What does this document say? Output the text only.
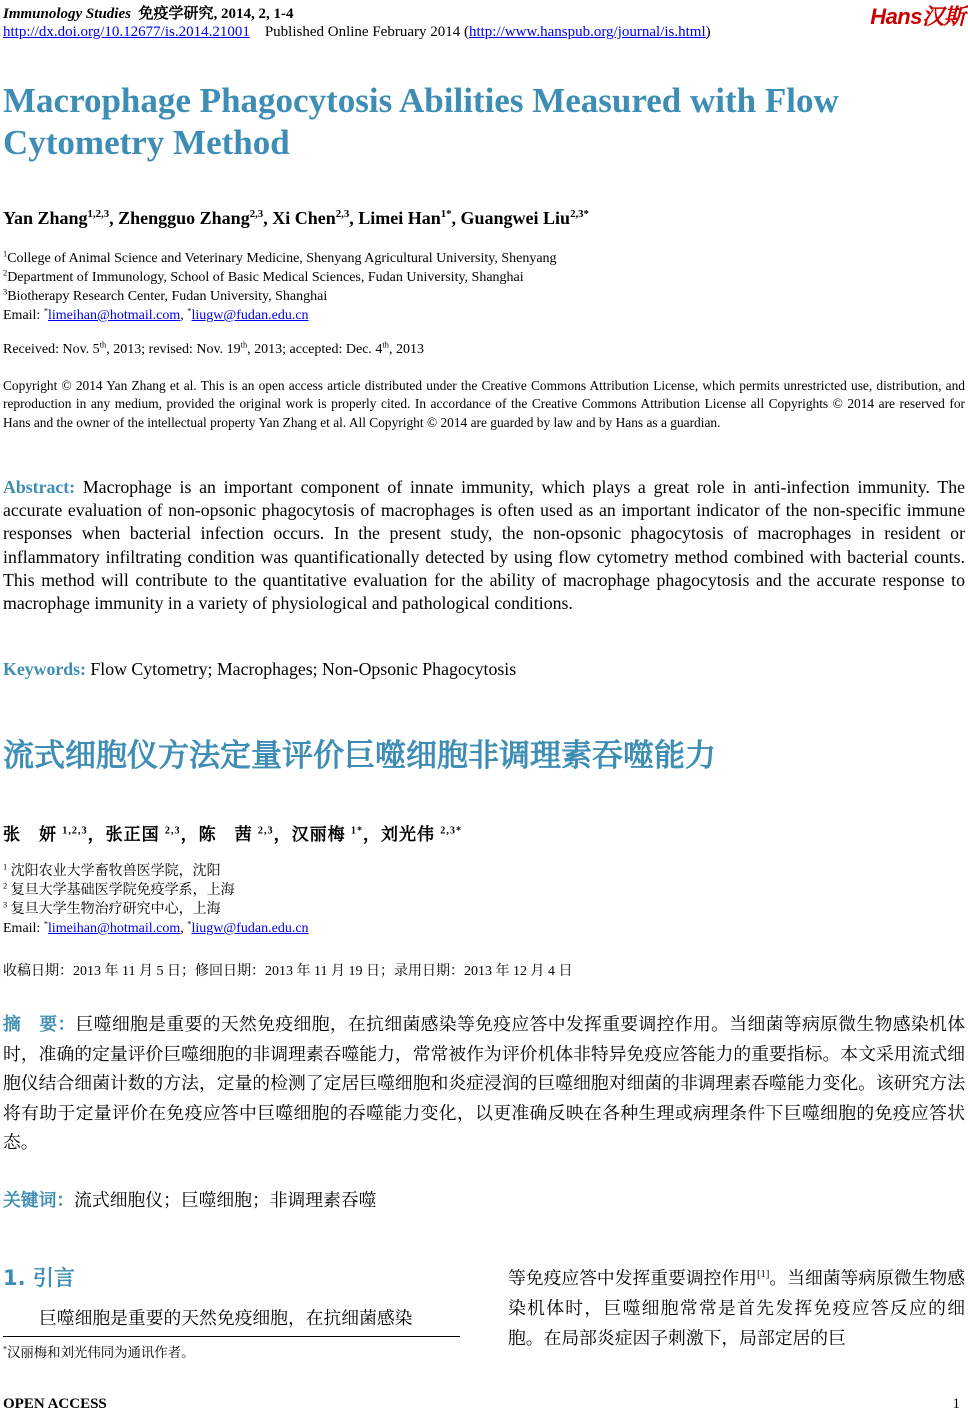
Immunology Studies 免疫学研究, 2014, 2, 1-4	Hans汉斯
http://dx.doi.org/10.12677/is.2014.21001 Published Online February 2014 (http://www.hanspub.org/journal/is.html)
Macrophage Phagocytosis Abilities Measured with Flow Cytometry Method
Yan Zhang$^{1,2,3}$, Zhengguo Zhang$^{2,3}$, Xi Chen$^{2,3}$, Limei Han$^{1*}$, Guangwei Liu$^{2,3*}$
$^1$College of Animal Science and Veterinary Medicine, Shenyang Agricultural University, Shenyang
$^2$Department of Immunology, School of Basic Medical Sciences, Fudan University, Shanghai
$^3$Biotherapy Research Center, Fudan University, Shanghai
Email: *limeihan@hotmail.com, *liugw@fudan.edu.cn
Received: Nov. 5th, 2013; revised: Nov. 19th, 2013; accepted: Dec. 4th, 2013
Copyright © 2014 Yan Zhang et al. This is an open access article distributed under the Creative Commons Attribution License, which permits unrestricted use, distribution, and reproduction in any medium, provided the original work is properly cited. In accordance of the Creative Commons Attribution License all Copyrights © 2014 are reserved for Hans and the owner of the intellectual property Yan Zhang et al. All Copyright © 2014 are guarded by law and by Hans as a guardian.
Abstract: Macrophage is an important component of innate immunity, which plays a great role in anti-infection immunity. The accurate evaluation of non-opsonic phagocytosis of macrophages is often used as an important indicator of the non-specific immune responses when bacterial infection occurs. In the present study, the non-opsonic phagocytosis of macrophages in resident or inflammatory infiltrating condition was quantificationally detected by using flow cytometry method combined with bacterial counts. This method will contribute to the quantitative evaluation for the ability of macrophage phagocytosis and the accurate response to macrophage immunity in a variety of physiological and pathological conditions.
Keywords: Flow Cytometry; Macrophages; Non-Opsonic Phagocytosis
流式细胞仪方法定量评价巨噬细胞非调理素吞噬能力
张　妍 $^{1,2,3}$，张正国 $^{2,3}$，陈　茜 $^{2,3}$，汉丽梅 $^{1*}$，刘光伟 $^{2,3*}$
$^1$ 沈阳农业大学畜牧兽医学院，沈阳
$^2$ 复旦大学基础医学院免疫学系，上海
$^3$ 复旦大学生物治疗研究中心，上海
Email: *limeihan@hotmail.com, *liugw@fudan.edu.cn
收稿日期：2013 年 11 月 5 日；修回日期：2013 年 11 月 19 日；录用日期：2013 年 12 月 4 日
摘　要：巨噬细胞是重要的天然免疫细胞，在抗细菌感染等免疫应答中发挥重要调控作用。当细菌等病原微生物感染机体时，准确的定量评价巨噬细胞的非调理素吞噬能力，常常被作为评价机体非特异免疫应答能力的重要指标。本文采用流式细胞仪结合细菌计数的方法，定量的检测了定居巨噬细胞和炎症浸润的巨噬细胞对细菌的非调理素吞噬能力变化。该研究方法将有助于定量评价在免疫应答中巨噬细胞的吞噬能力变化，以更准确反映在各种生理或病理条件下巨噬细胞的免疫应答状态。
关键词：流式细胞仪；巨噬细胞；非调理素吞噬
1. 引言
巨噬细胞是重要的天然免疫细胞，在抗细菌感染
*汉丽梅和刘光伟同为通讯作者。
等免疫应答中发挥重要调控作用[1]。当细菌等病原微生物感染机体时，巨噬细胞常常是首先发挥免疫应答反应的细胞。在局部炎症因子刺激下，局部定居的巨
OPEN ACCESS	1
